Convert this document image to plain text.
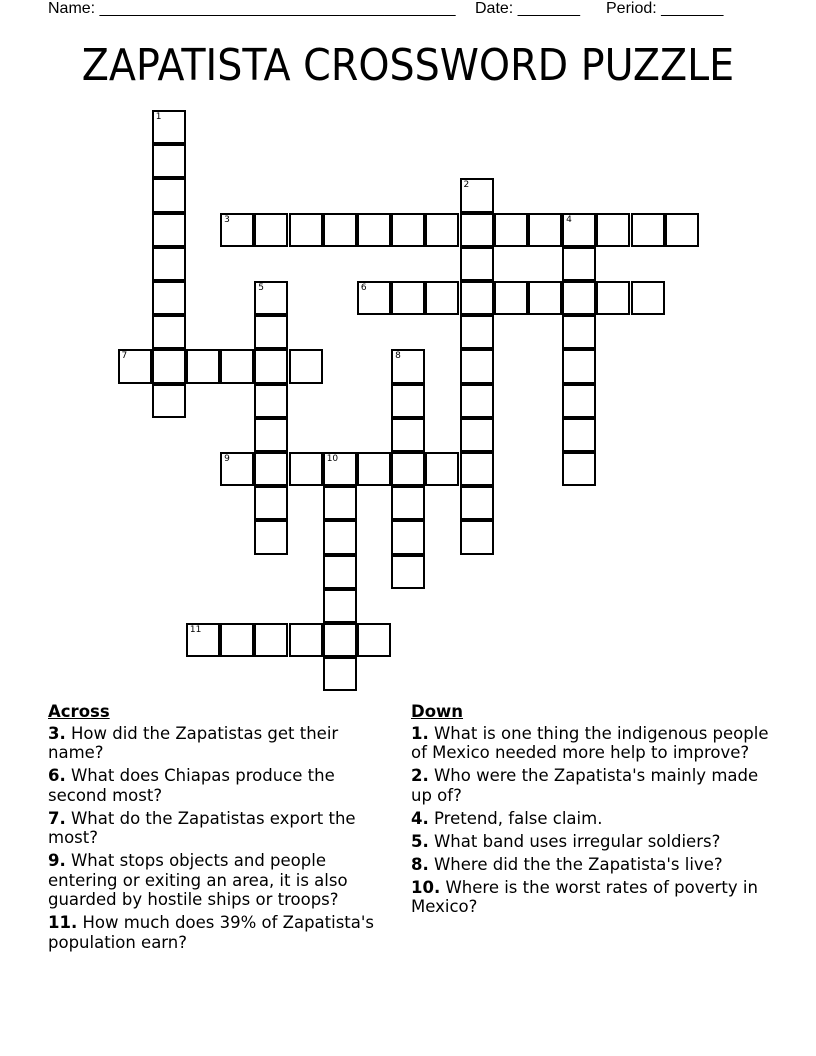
Name: ________________________________________ Date: _______ Period: _______
ZAPATISTA CROSSWORD PUZZLE
1
2
3	4
5	6
7	8
9	10
11
Across
3. How did the Zapatistas get their name?
6. What does Chiapas produce the second most?
7. What do the Zapatistas export the most?
9. What stops objects and people entering or exiting an area, it is also guarded by hostile ships or troops?
11. How much does 39% of Zapatista's population earn?
Down
1. What is one thing the indigenous people of Mexico needed more help to improve?
2. Who were the Zapatista's mainly made up of?
4. Pretend, false claim.
5. What band uses irregular soldiers?
8. Where did the the Zapatista's live?
10. Where is the worst rates of poverty in Mexico?
